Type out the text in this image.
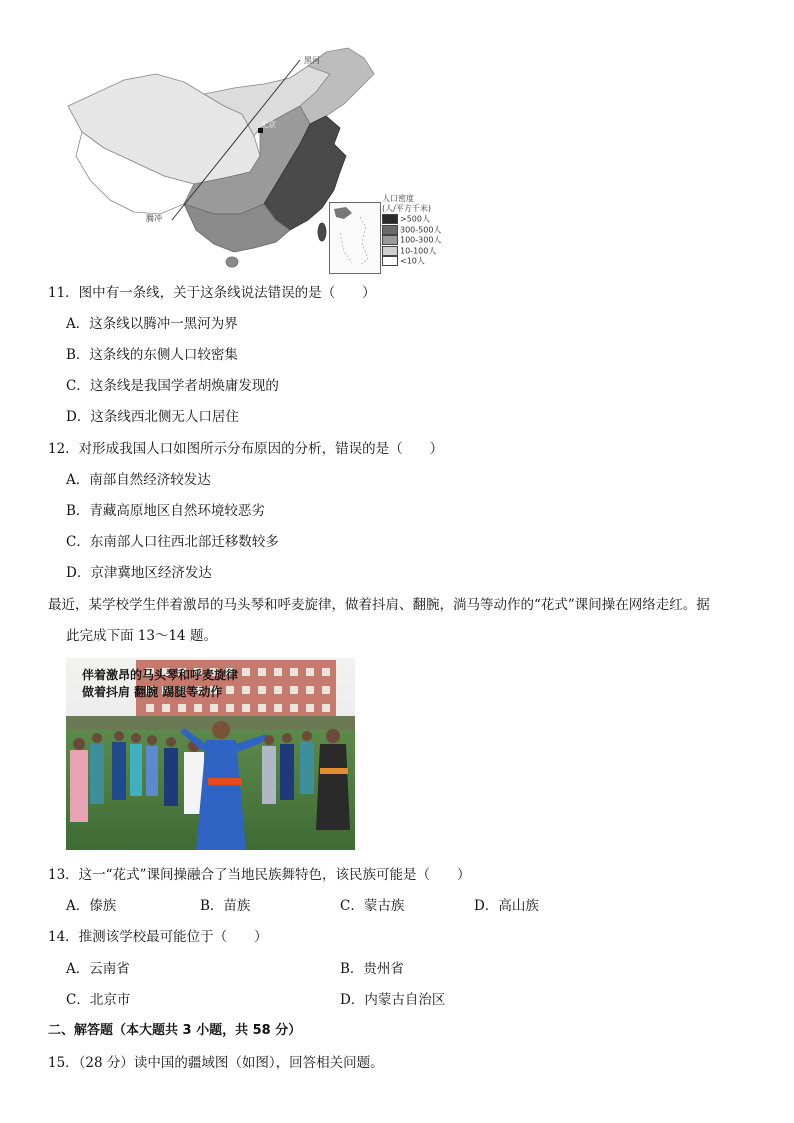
黑河
北京
腾冲
人口密度
(人/平方千米)
>500人
300-500人
100-300人
10-100人
<10人
11．图中有一条线，关于这条线说法错误的是（　　）
A．这条线以腾冲一黑河为界
B．这条线的东侧人口较密集
C．这条线是我国学者胡焕庸发现的
D．这条线西北侧无人口居住
12．对形成我国人口如图所示分布原因的分析，错误的是（　　）
A．南部自然经济较发达
B．青藏高原地区自然环境较恶劣
C．东南部人口往西北部迁移数较多
D．京津冀地区经济发达
最近，某学校学生伴着激昂的马头琴和呼麦旋律，做着抖肩、翻腕，淌马等动作的“花式”课间操在网络走红。据
此完成下面 13～14 题。
伴着激昂的马头琴和呼麦旋律
做着抖肩 翻腕 踢腿等动作
13．这一“花式”课间操融合了当地民族舞特色，该民族可能是（　　）
A．傣族	B．苗族	C．蒙古族	D．高山族
14．推测该学校最可能位于（　　）
A．云南省	B．贵州省
C．北京市	D．内蒙古自治区
二、解答题（本大题共 3 小题，共 58 分）
15．（28 分）读中国的疆域图（如图），回答相关问题。
